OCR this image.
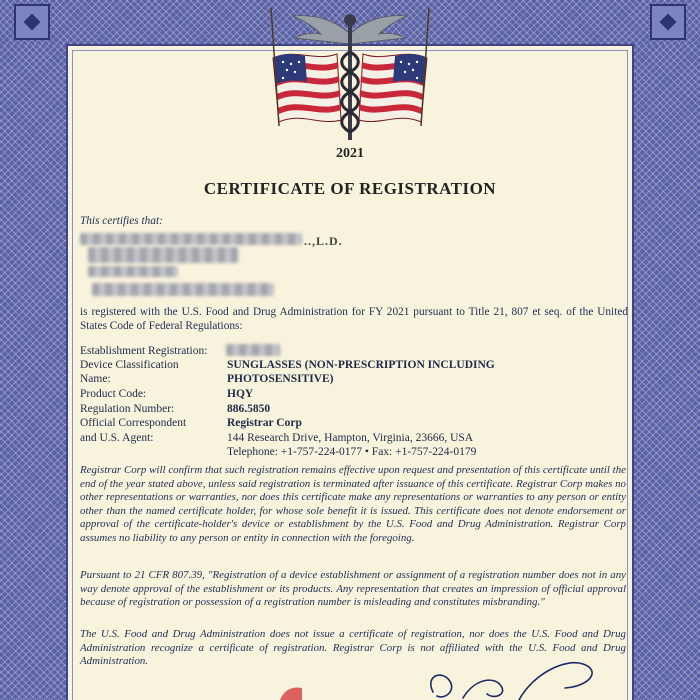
2021
CERTIFICATE OF REGISTRATION
This certifies that:
..,L.D.
is registered with the U.S. Food and Drug Administration for FY 2021 pursuant to Title 21, 807 et seq. of the United States Code of Federal Regulations:
Establishment Registration:
Device Classification	SUNGLASSES (NON-PRESCRIPTION INCLUDING
Name:	PHOTOSENSITIVE)
Product Code:	HQY
Regulation Number:	886.5850
Official Correspondent	Registrar Corp
and U.S. Agent:	144 Research Drive, Hampton, Virginia, 23666, USA
Telephone: +1-757-224-0177 • Fax: +1-757-224-0179
Registrar Corp will confirm that such registration remains effective upon request and presentation of this certificate until the end of the year stated above, unless said registration is terminated after issuance of this certificate. Registrar Corp makes no other representations or warranties, nor does this certificate make any representations or warranties to any person or entity other than the named certificate holder, for whose sole benefit it is issued. This certificate does not denote endorsement or approval of the certificate-holder's device or establishment by the U.S. Food and Drug Administration. Registrar Corp assumes no liability to any person or entity in connection with the foregoing.
Pursuant to 21 CFR 807.39, "Registration of a device establishment or assignment of a registration number does not in any way denote approval of the establishment or its products. Any representation that creates an impression of official approval because of registration or possession of a registration number is misleading and constitutes misbranding."
The U.S. Food and Drug Administration does not issue a certificate of registration, nor does the U.S. Food and Drug Administration recognize a certificate of registration. Registrar Corp is not affiliated with the U.S. Food and Drug Administration.
